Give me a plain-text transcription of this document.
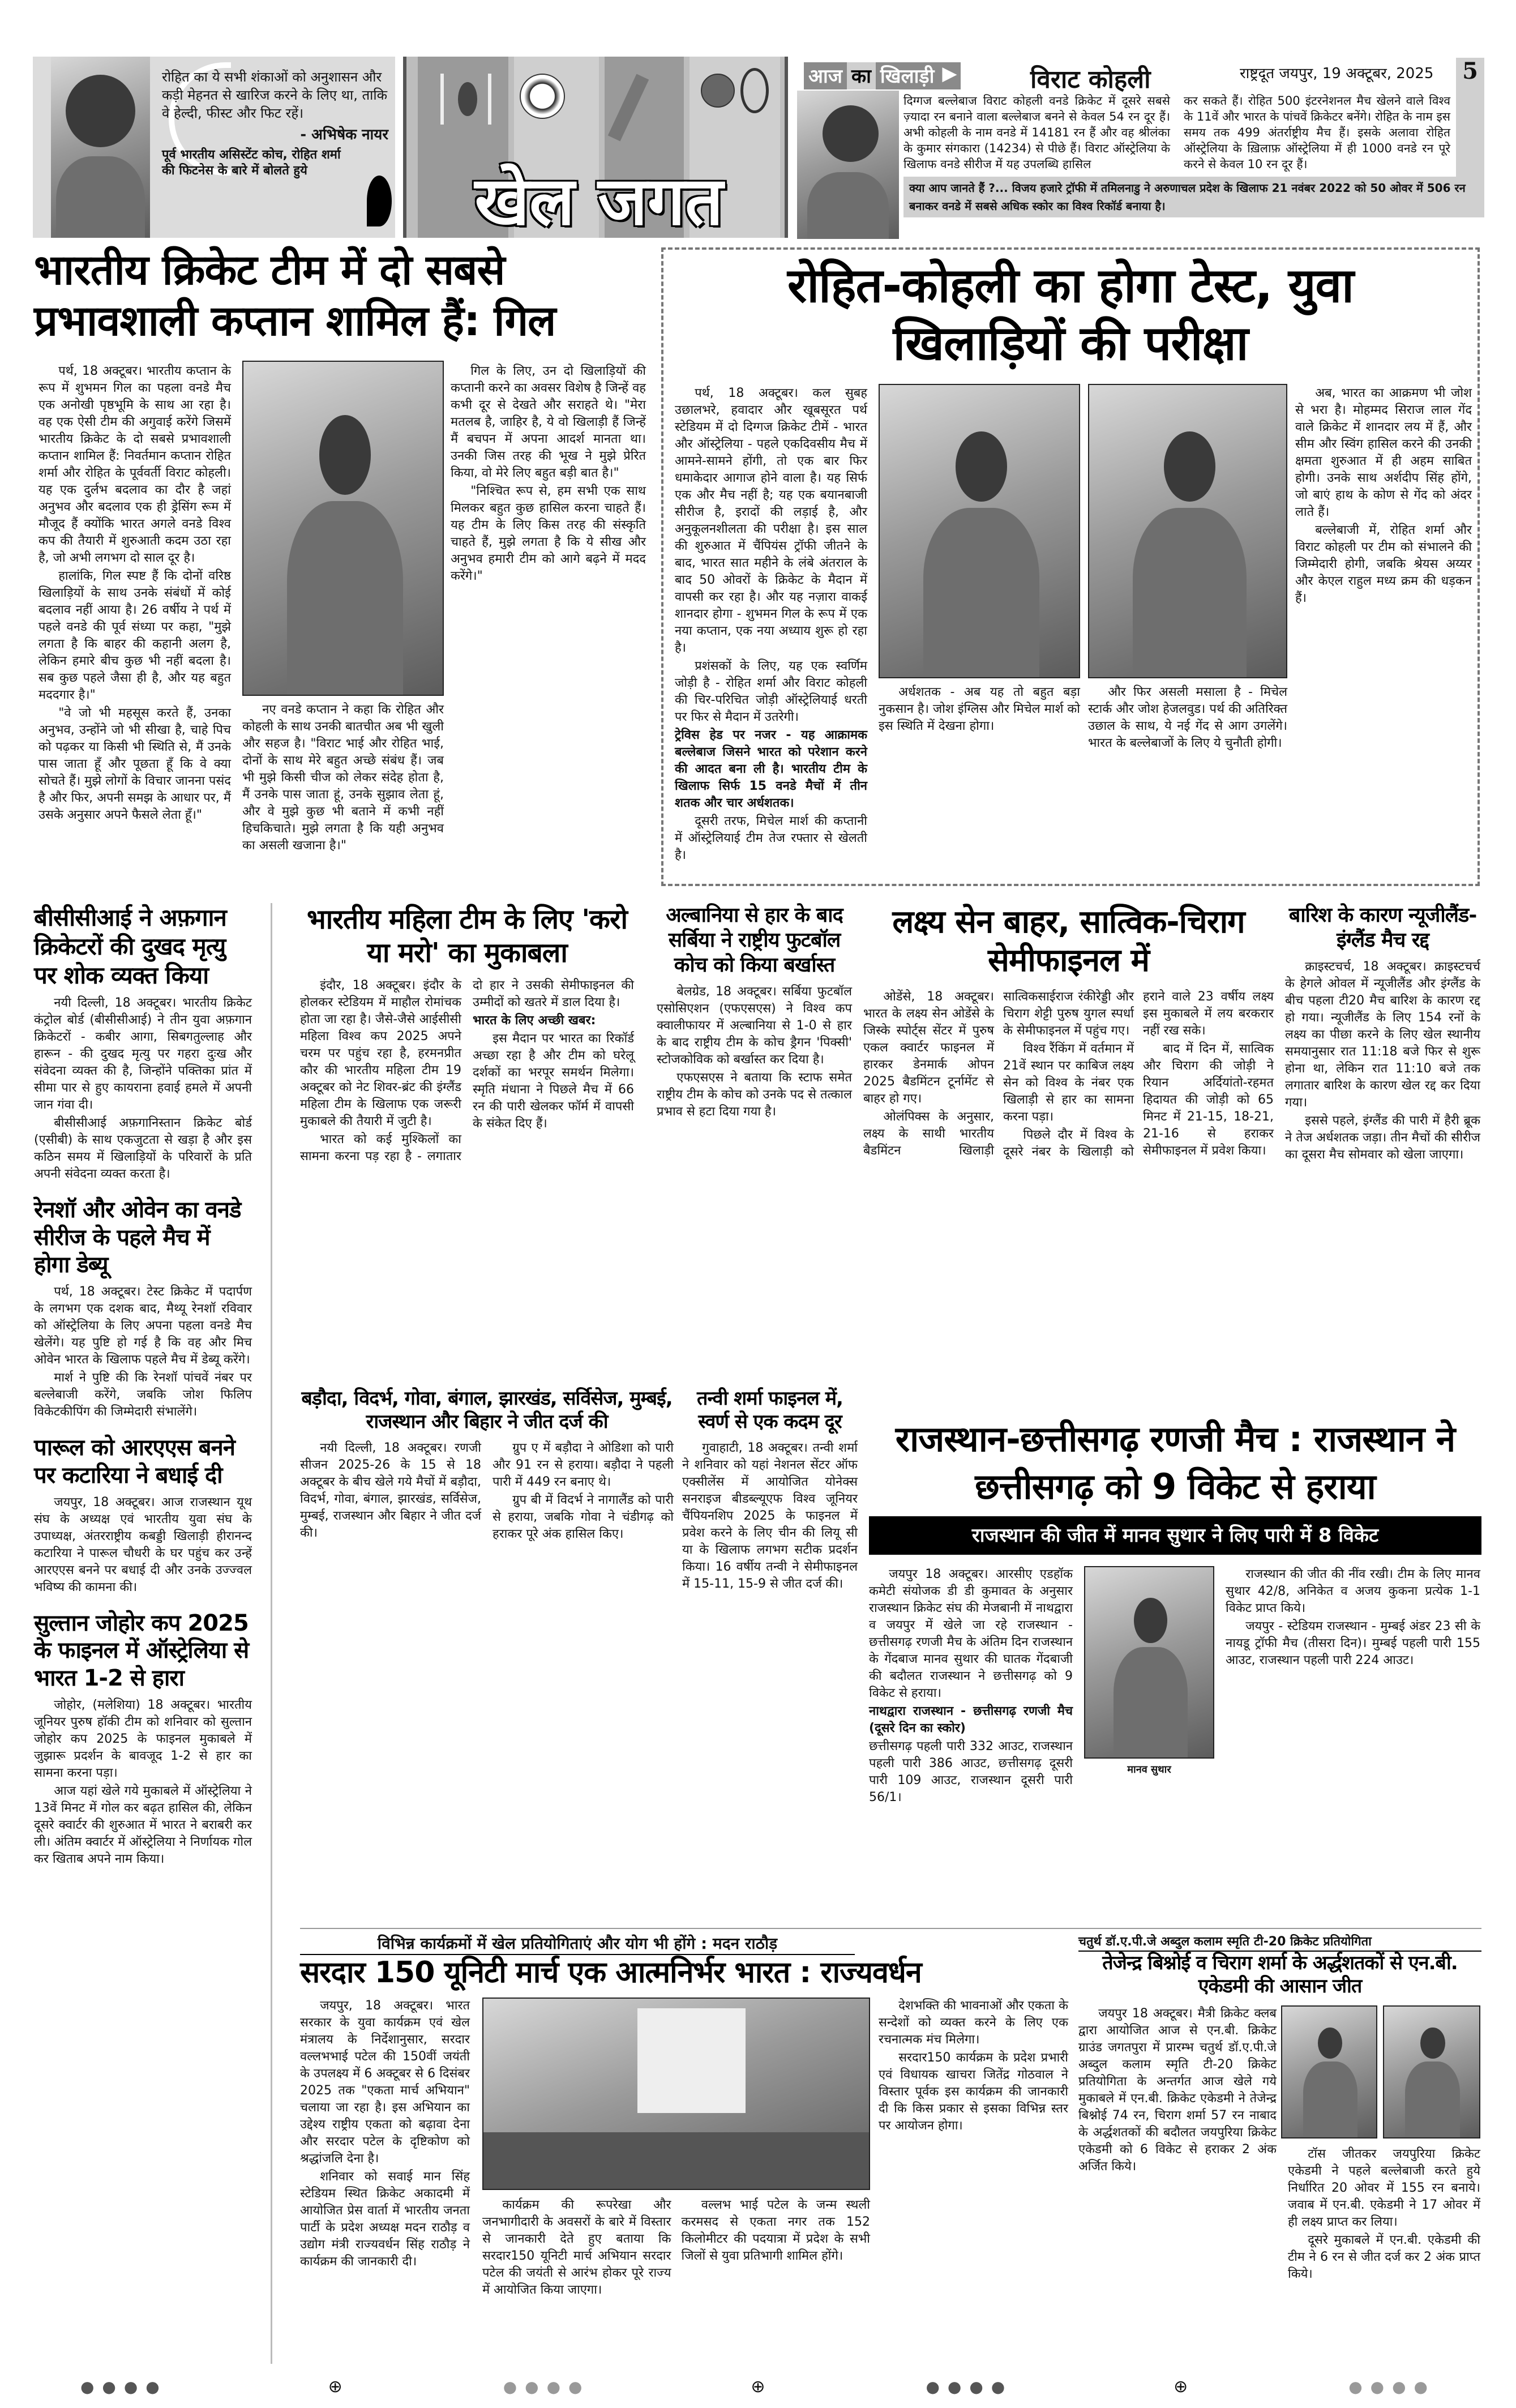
रोहित का ये सभी शंकाओं को अनुशासन और कड़ी मेहनत से खारिज करने के लिए था, ताकि वे हेल्दी, फीस्ट और फिट रहें।
- अभिषेक नायर
पूर्व भारतीय असिस्टेंट कोच, रोहित शर्मा की फिटनेस के बारे में बोलते हुये	खेल जगत
आज का खिलाड़ी ▶	विराट कोहली	राष्ट्रदूत जयपुर, 19 अक्टूबर, 2025 5

दिग्गज बल्लेबाज विराट कोहली वनडे क्रिकेट में दूसरे सबसे ज़्यादा रन बनाने वाला बल्लेबाज बनने से केवल 54 रन दूर हैं। अभी कोहली के नाम वनडे में 14181 रन हैं और वह श्रीलंका के कुमार संगकारा (14234) से पीछे हैं। विराट ऑस्ट्रेलिया के खिलाफ वनडे सीरीज में यह उपलब्धि हासिल

कर सकते हैं। रोहित 500 इंटरनेशनल मैच खेलने वाले विश्व के 11वें और भारत के पांचवें क्रिकेटर बनेंगे। रोहित के नाम इस समय तक 499 अंतर्राष्ट्रीय मैच हैं। इसके अलावा रोहित ऑस्ट्रेलिया के ख़िलाफ़ ऑस्ट्रेलिया में ही 1000 वनडे रन पूरे करने से केवल 10 रन दूर हैं।

क्या आप जानते हैं ?... विजय हजारे ट्रॉफी में तमिलनाडु ने अरुणाचल प्रदेश के खिलाफ 21 नवंबर 2022 को 50 ओवर में 506 रन बनाकर वनडे में सबसे अधिक स्कोर का विश्व रिकॉर्ड बनाया है।
भारतीय क्रिकेट टीम में दो सबसे प्रभावशाली कप्तान शामिल हैं: गिल

पर्थ, 18 अक्टूबर। भारतीय कप्तान के रूप में शुभमन गिल का पहला वनडे मैच एक अनोखी पृष्ठभूमि के साथ आ रहा है। वह एक ऐसी टीम की अगुवाई करेंगे जिसमें भारतीय क्रिकेट के दो सबसे प्रभावशाली कप्तान शामिल हैं: निवर्तमान कप्तान रोहित शर्मा और रोहित के पूर्ववर्ती विराट कोहली। यह एक दुर्लभ बदलाव का दौर है जहां अनुभव और बदलाव एक ही ड्रेसिंग रूम में मौजूद हैं क्योंकि भारत अगले वनडे विश्व कप की तैयारी में शुरुआती कदम उठा रहा है, जो अभी लगभग दो साल दूर है।

हालांकि, गिल स्पष्ट हैं कि दोनों वरिष्ठ खिलाड़ियों के साथ उनके संबंधों में कोई बदलाव नहीं आया है। 26 वर्षीय ने पर्थ में पहले वनडे की पूर्व संध्या पर कहा, "मुझे लगता है कि बाहर की कहानी अलग है, लेकिन हमारे बीच कुछ भी नहीं बदला है। सब कुछ पहले जैसा ही है, और यह बहुत मददगार है।"

"वे जो भी महसूस करते हैं, उनका अनुभव, उन्होंने जो भी सीखा है, चाहे पिच को पढ़कर या किसी भी स्थिति से, मैं उनके पास जाता हूँ और पूछता हूँ कि वे क्या सोचते हैं। मुझे लोगों के विचार जानना पसंद है और फिर, अपनी समझ के आधार पर, मैं उसके अनुसार अपने फैसले लेता हूँ।"

नए वनडे कप्तान ने कहा कि रोहित और कोहली के साथ उनकी बातचीत अब भी खुली और सहज है। "विराट भाई और रोहित भाई, दोनों के साथ मेरे बहुत अच्छे संबंध हैं। जब भी मुझे किसी चीज को लेकर संदेह होता है, मैं उनके पास जाता हूं, उनके सुझाव लेता हूं, और वे मुझे कुछ भी बताने में कभी नहीं हिचकिचाते। मुझे लगता है कि यही अनुभव का असली खजाना है।"

गिल के लिए, उन दो खिलाड़ियों की कप्तानी करने का अवसर विशेष है जिन्हें वह कभी दूर से देखते और सराहते थे। "मेरा मतलब है, जाहिर है, ये वो खिलाड़ी हैं जिन्हें मैं बचपन में अपना आदर्श मानता था। उनकी जिस तरह की भूख ने मुझे प्रेरित किया, वो मेरे लिए बहुत बड़ी बात है।"

"निश्चित रूप से, हम सभी एक साथ मिलकर बहुत कुछ हासिल करना चाहते हैं। यह टीम के लिए किस तरह की संस्कृति चाहते हैं, मुझे लगता है कि ये सीख और अनुभव हमारी टीम को आगे बढ़ने में मदद करेंगे।"

रोहित-कोहली का होगा टेस्ट, युवा खिलाड़ियों की परीक्षा

पर्थ, 18 अक्टूबर। कल सुबह उछालभरे, हवादार और खूबसूरत पर्थ स्टेडियम में दो दिग्गज क्रिकेट टीमें - भारत और ऑस्ट्रेलिया - पहले एकदिवसीय मैच में आमने-सामने होंगी, तो एक बार फिर धमाकेदार आगाज होने वाला है। यह सिर्फ एक और मैच नहीं है; यह एक बयानबाजी सीरीज है, इरादों की लड़ाई है, और अनुकूलनशीलता की परीक्षा है। इस साल की शुरुआत में चैंपियंस ट्रॉफी जीतने के बाद, भारत सात महीने के लंबे अंतराल के बाद 50 ओवरों के क्रिकेट के मैदान में वापसी कर रहा है। और यह नज़ारा वाकई शानदार होगा - शुभमन गिल के रूप में एक नया कप्तान, एक नया अध्याय शुरू हो रहा है।

प्रशंसकों के लिए, यह एक स्वर्णिम जोड़ी है - रोहित शर्मा और विराट कोहली की चिर-परिचित जोड़ी ऑस्ट्रेलियाई धरती पर फिर से मैदान में उतरेगी।

ट्रेविस हेड पर नजर - यह आक्रामक बल्लेबाज जिसने भारत को परेशान करने की आदत बना ली है। भारतीय टीम के खिलाफ सिर्फ 15 वनडे मैचों में तीन शतक और चार अर्धशतक।

दूसरी तरफ, मिचेल मार्श की कप्तानी में ऑस्ट्रेलियाई टीम तेज रफ्तार से खेलती है।

अर्धशतक - अब यह तो बहुत बड़ा नुकसान है। जोश इंग्लिस और मिचेल मार्श को इस स्थिति में देखना होगा।

और फिर असली मसाला है - मिचेल स्टार्क और जोश हेजलवुड। पर्थ की अतिरिक्त उछाल के साथ, ये नई गेंद से आग उगलेंगे। भारत के बल्लेबाजों के लिए ये चुनौती होगी।

अब, भारत का आक्रमण भी जोश से भरा है। मोहम्मद सिराज लाल गेंद वाले क्रिकेट में शानदार लय में हैं, और सीम और स्विंग हासिल करने की उनकी क्षमता शुरुआत में ही अहम साबित होगी। उनके साथ अर्शदीप सिंह होंगे, जो बाएं हाथ के कोण से गेंद को अंदर लाते हैं।

बल्लेबाजी में, रोहित शर्मा और विराट कोहली पर टीम को संभालने की जिम्मेदारी होगी, जबकि श्रेयस अय्यर और केएल राहुल मध्य क्रम की धड़कन हैं।

बीसीसीआई ने अफ़गान क्रिकेटरों की दुखद मृत्यु पर शोक व्यक्त किया

नयी दिल्ली, 18 अक्टूबर। भारतीय क्रिकेट कंट्रोल बोर्ड (बीसीसीआई) ने तीन युवा अफ़गान क्रिकेटरों - कबीर आगा, सिबगतुल्लाह और हारून - की दुखद मृत्यु पर गहरा दुःख और संवेदना व्यक्त की है, जिन्होंने पक्तिका प्रांत में सीमा पार से हुए कायराना हवाई हमले में अपनी जान गंवा दी।

बीसीसीआई अफ़गानिस्तान क्रिकेट बोर्ड (एसीबी) के साथ एकजुटता से खड़ा है और इस कठिन समय में खिलाड़ियों के परिवारों के प्रति अपनी संवेदना व्यक्त करता है।

रेनशॉ और ओवेन का वनडे सीरीज के पहले मैच में होगा डेब्यू

पर्थ, 18 अक्टूबर। टेस्ट क्रिकेट में पदार्पण के लगभग एक दशक बाद, मैथ्यू रेनशॉ रविवार को ऑस्ट्रेलिया के लिए अपना पहला वनडे मैच खेलेंगे। यह पुष्टि हो गई है कि वह और मिच ओवेन भारत के खिलाफ पहले मैच में डेब्यू करेंगे।

मार्श ने पुष्टि की कि रेनशॉ पांचवें नंबर पर बल्लेबाजी करेंगे, जबकि जोश फिलिप विकेटकीपिंग की जिम्मेदारी संभालेंगे।

पारूल को आरएएस बनने पर कटारिया ने बधाई दी

जयपुर, 18 अक्टूबर। आज राजस्थान यूथ संघ के अध्यक्ष एवं भारतीय युवा संघ के उपाध्यक्ष, अंतरराष्ट्रीय कबड्डी खिलाड़ी हीरानन्द कटारिया ने पारूल चौधरी के घर पहुंच कर उन्हें आरएएस बनने पर बधाई दी और उनके उज्ज्वल भविष्य की कामना की।

सुल्तान जोहोर कप 2025 के फाइनल में ऑस्ट्रेलिया से भारत 1-2 से हारा

जोहोर, (मलेशिया) 18 अक्टूबर। भारतीय जूनियर पुरुष हॉकी टीम को शनिवार को सुल्तान जोहोर कप 2025 के फाइनल मुकाबले में जुझारू प्रदर्शन के बावजूद 1-2 से हार का सामना करना पड़ा।

आज यहां खेले गये मुकाबले में ऑस्ट्रेलिया ने 13वें मिनट में गोल कर बढ़त हासिल की, लेकिन दूसरे क्वार्टर की शुरुआत में भारत ने बराबरी कर ली। अंतिम क्वार्टर में ऑस्ट्रेलिया ने निर्णायक गोल कर खिताब अपने नाम किया।

भारतीय महिला टीम के लिए 'करो या मरो' का मुकाबला

इंदौर, 18 अक्टूबर। इंदौर के होलकर स्टेडियम में माहौल रोमांचक होता जा रहा है। जैसे-जैसे आईसीसी महिला विश्व कप 2025 अपने चरम पर पहुंच रहा है, हरमनप्रीत कौर की भारतीय महिला टीम 19 अक्टूबर को नेट शिवर-ब्रंट की इंग्लैंड महिला टीम के खिलाफ एक जरूरी मुकाबले की तैयारी में जुटी है।

भारत को कई मुश्किलों का सामना करना पड़ रहा है - लगातार दो हार ने उसकी सेमीफाइनल की उम्मीदों को खतरे में डाल दिया है।

भारत के लिए अच्छी खबर:

इस मैदान पर भारत का रिकॉर्ड अच्छा रहा है और टीम को घरेलू दर्शकों का भरपूर समर्थन मिलेगा। स्मृति मंधाना ने पिछले मैच में 66 रन की पारी खेलकर फॉर्म में वापसी के संकेत दिए हैं।

अल्बानिया से हार के बाद सर्बिया ने राष्ट्रीय फुटबॉल कोच को किया बर्खास्त

बेलग्रेड, 18 अक्टूबर। सर्बिया फुटबॉल एसोसिएशन (एफएसएस) ने विश्व कप क्वालीफायर में अल्बानिया से 1-0 से हार के बाद राष्ट्रीय टीम के कोच ड्रैगन 'पिक्सी' स्टोजकोविक को बर्खास्त कर दिया है।

एफएसएस ने बताया कि स्टाफ समेत राष्ट्रीय टीम के कोच को उनके पद से तत्काल प्रभाव से हटा दिया गया है।

लक्ष्य सेन बाहर, सात्विक-चिराग सेमीफाइनल में

ओडेंसे, 18 अक्टूबर। भारत के लक्ष्य सेन ओडेंसे के जिस्के स्पोर्ट्स सेंटर में पुरुष एकल क्वार्टर फाइनल में हारकर डेनमार्क ओपन 2025 बैडमिंटन टूर्नामेंट से बाहर हो गए।

ओलंपिक्स के अनुसार, लक्ष्य के साथी भारतीय बैडमिंटन खिलाड़ी सात्विकसाईराज रंकीरेड्डी और चिराग शेट्टी पुरुष युगल स्पर्धा के सेमीफाइनल में पहुंच गए।

विश्व रैंकिंग में वर्तमान में 21वें स्थान पर काबिज लक्ष्य सेन को विश्व के नंबर एक खिलाड़ी से हार का सामना करना पड़ा।

पिछले दौर में विश्व के दूसरे नंबर के खिलाड़ी को हराने वाले 23 वर्षीय लक्ष्य इस मुकाबले में लय बरकरार नहीं रख सके।

बाद में दिन में, सात्विक और चिराग की जोड़ी ने रियान अर्दियांतो-रहमत हिदायत की जोड़ी को 65 मिनट में 21-15, 18-21, 21-16 से हराकर सेमीफाइनल में प्रवेश किया।

बारिश के कारण न्यूजीलैंड-इंग्लैंड मैच रद्द

क्राइस्टचर्च, 18 अक्टूबर। क्राइस्टचर्च के हेगले ओवल में न्यूजीलैंड और इंग्लैंड के बीच पहला टी20 मैच बारिश के कारण रद्द हो गया। न्यूजीलैंड के लिए 154 रनों के लक्ष्य का पीछा करने के लिए खेल स्थानीय समयानुसार रात 11:18 बजे फिर से शुरू होना था, लेकिन रात 11:10 बजे तक लगातार बारिश के कारण खेल रद्द कर दिया गया।

इससे पहले, इंग्लैंड की पारी में हैरी ब्रूक ने तेज अर्धशतक जड़ा। तीन मैचों की सीरीज का दूसरा मैच सोमवार को खेला जाएगा।

बड़ौदा, विदर्भ, गोवा, बंगाल, झारखंड, सर्विसेज, मुम्बई, राजस्थान और बिहार ने जीत दर्ज की

नयी दिल्ली, 18 अक्टूबर। रणजी सीजन 2025-26 के 15 से 18 अक्टूबर के बीच खेले गये मैचों में बड़ौदा, विदर्भ, गोवा, बंगाल, झारखंड, सर्विसेज, मुम्बई, राजस्थान और बिहार ने जीत दर्ज की।

ग्रुप ए में बड़ौदा ने ओडिशा को पारी और 91 रन से हराया। बड़ौदा ने पहली पारी में 449 रन बनाए थे।

ग्रुप बी में विदर्भ ने नागालैंड को पारी से हराया, जबकि गोवा ने चंडीगढ़ को हराकर पूरे अंक हासिल किए।

तन्वी शर्मा फाइनल में, स्वर्ण से एक कदम दूर

गुवाहाटी, 18 अक्टूबर। तन्वी शर्मा ने शनिवार को यहां नेशनल सेंटर ऑफ एक्सीलेंस में आयोजित योनेक्स सनराइज बीडब्ल्यूएफ विश्व जूनियर चैंपियनशिप 2025 के फाइनल में प्रवेश करने के लिए चीन की लियू सी या के खिलाफ लगभग सटीक प्रदर्शन किया। 16 वर्षीय तन्वी ने सेमीफाइनल में 15-11, 15-9 से जीत दर्ज की।

राजस्थान-छत्तीसगढ़ रणजी मैच : राजस्थान ने छत्तीसगढ़ को 9 विकेट से हराया
राजस्थान की जीत में मानव सुथार ने लिए पारी में 8 विकेट

जयपुर 18 अक्टूबर। आरसीए एडहॉक कमेटी संयोजक डी डी कुमावत के अनुसार राजस्थान क्रिकेट संघ की मेजबानी में नाथद्वारा व जयपुर में खेले जा रहे राजस्थान - छत्तीसगढ़ रणजी मैच के अंतिम दिन राजस्थान के गेंदबाज मानव सुथार की घातक गेंदबाजी की बदौलत राजस्थान ने छत्तीसगढ़ को 9 विकेट से हराया।

नाथद्वारा राजस्थान - छत्तीसगढ़ रणजी मैच (दूसरे दिन का स्कोर)

छत्तीसगढ़ पहली पारी 332 आउट, राजस्थान पहली पारी 386 आउट, छत्तीसगढ़ दूसरी पारी 109 आउट, राजस्थान दूसरी पारी 56/1।

मानव सुथार

राजस्थान की जीत की नींव रखी। टीम के लिए मानव सुथार 42/8, अनिकेत व अजय कुकना प्रत्येक 1-1 विकेट प्राप्त किये।

जयपुर - स्टेडियम राजस्थान - मुम्बई अंडर 23 सी के नायडू ट्रॉफी मैच (तीसरा दिन)। मुम्बई पहली पारी 155 आउट, राजस्थान पहली पारी 224 आउट।

विभिन्न कार्यक्रमों में खेल प्रतियोगिताएं और योग भी होंगे : मदन राठौड़
सरदार 150 यूनिटी मार्च एक आत्मनिर्भर भारत : राज्यवर्धन

जयपुर, 18 अक्टूबर। भारत सरकार के युवा कार्यक्रम एवं खेल मंत्रालय के निर्देशानुसार, सरदार वल्लभभाई पटेल की 150वीं जयंती के उपलक्ष्य में 6 अक्टूबर से 6 दिसंबर 2025 तक "एकता मार्च अभियान" चलाया जा रहा है। इस अभियान का उद्देश्य राष्ट्रीय एकता को बढ़ावा देना और सरदार पटेल के दृष्टिकोण को श्रद्धांजलि देना है।

शनिवार को सवाई मान सिंह स्टेडियम स्थित क्रिकेट अकादमी में आयोजित प्रेस वार्ता में भारतीय जनता पार्टी के प्रदेश अध्यक्ष मदन राठौड़ व उद्योग मंत्री राज्यवर्धन सिंह राठौड़ ने कार्यक्रम की जानकारी दी।

कार्यक्रम की रूपरेखा और जनभागीदारी के अवसरों के बारे में विस्तार से जानकारी देते हुए बताया कि सरदार150 यूनिटी मार्च अभियान सरदार पटेल की जयंती से आरंभ होकर पूरे राज्य में आयोजित किया जाएगा।

वल्लभ भाई पटेल के जन्म स्थली करमसद से एकता नगर तक 152 किलोमीटर की पदयात्रा में प्रदेश के सभी जिलों से युवा प्रतिभागी शामिल होंगे।

देशभक्ति की भावनाओं और एकता के सन्देशों को व्यक्त करने के लिए एक रचनात्मक मंच मिलेगा।

सरदार150 कार्यक्रम के प्रदेश प्रभारी एवं विधायक खाचरा जितेंद्र गोठवाल ने विस्तार पूर्वक इस कार्यक्रम की जानकारी दी कि किस प्रकार से इसका विभिन्न स्तर पर आयोजन होगा।

चतुर्थ डॉ.ए.पी.जे अब्दुल कलाम स्मृति टी-20 क्रिकेट प्रतियोगिता
तेजेन्द्र बिश्नोई व चिराग शर्मा के अर्द्धशतकों से एन.बी. एकेडमी की आसान जीत

जयपुर 18 अक्टूबर। मैत्री क्रिकेट क्लब द्वारा आयोजित आज से एन.बी. क्रिकेट ग्राउंड जगतपुरा में प्रारम्भ चतुर्थ डॉ.ए.पी.जे अब्दुल कलाम स्मृति टी-20 क्रिकेट प्रतियोगिता के अन्तर्गत आज खेले गये मुकाबले में एन.बी. क्रिकेट एकेडमी ने तेजेन्द्र बिश्नोई 74 रन, चिराग शर्मा 57 रन नाबाद के अर्द्धशतकों की बदौलत जयपुरिया क्रिकेट एकेडमी को 6 विकेट से हराकर 2 अंक अर्जित किये।

टॉस जीतकर जयपुरिया क्रिकेट एकेडमी ने पहले बल्लेबाजी करते हुये निर्धारित 20 ओवर में 155 रन बनाये। जवाब में एन.बी. एकेडमी ने 17 ओवर में ही लक्ष्य प्राप्त कर लिया।

दूसरे मुकाबले में एन.बी. एकेडमी की टीम ने 6 रन से जीत दर्ज कर 2 अंक प्राप्त किये।

●●●●	⊕	●●●●	⊕	●●●●	⊕	●●●●
